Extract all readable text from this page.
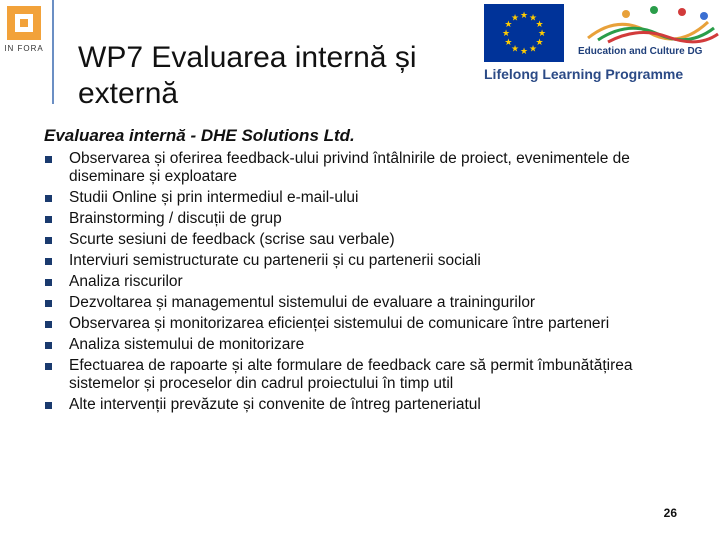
IN FORA WP7 Evaluarea internă și externă
★ ★
★
★
★
★
★
★
★
★
★
★
Education and Culture DG
Lifelong Learning Programme
Evaluarea internă - DHE Solutions Ltd.
Observarea și oferirea feedback-ului privind întâlnirile de proiect, evenimentele de diseminare și exploatare
Studii Online și prin intermediul e-mail-ului
Brainstorming / discuții de grup
Scurte sesiuni de feedback (scrise sau verbale)
Interviuri semistructurate cu partenerii și cu partenerii sociali
Analiza riscurilor
Dezvoltarea și managementul sistemului de evaluare a trainingurilor
Observarea și monitorizarea eficienței sistemului de comunicare între parteneri
Analiza sistemului de monitorizare
Efectuarea de rapoarte și alte formulare de feedback care să permit îmbunătățirea sistemelor și proceselor din cadrul proiectului în timp util
Alte intervenții prevăzute și convenite de întreg parteneriatul
26
